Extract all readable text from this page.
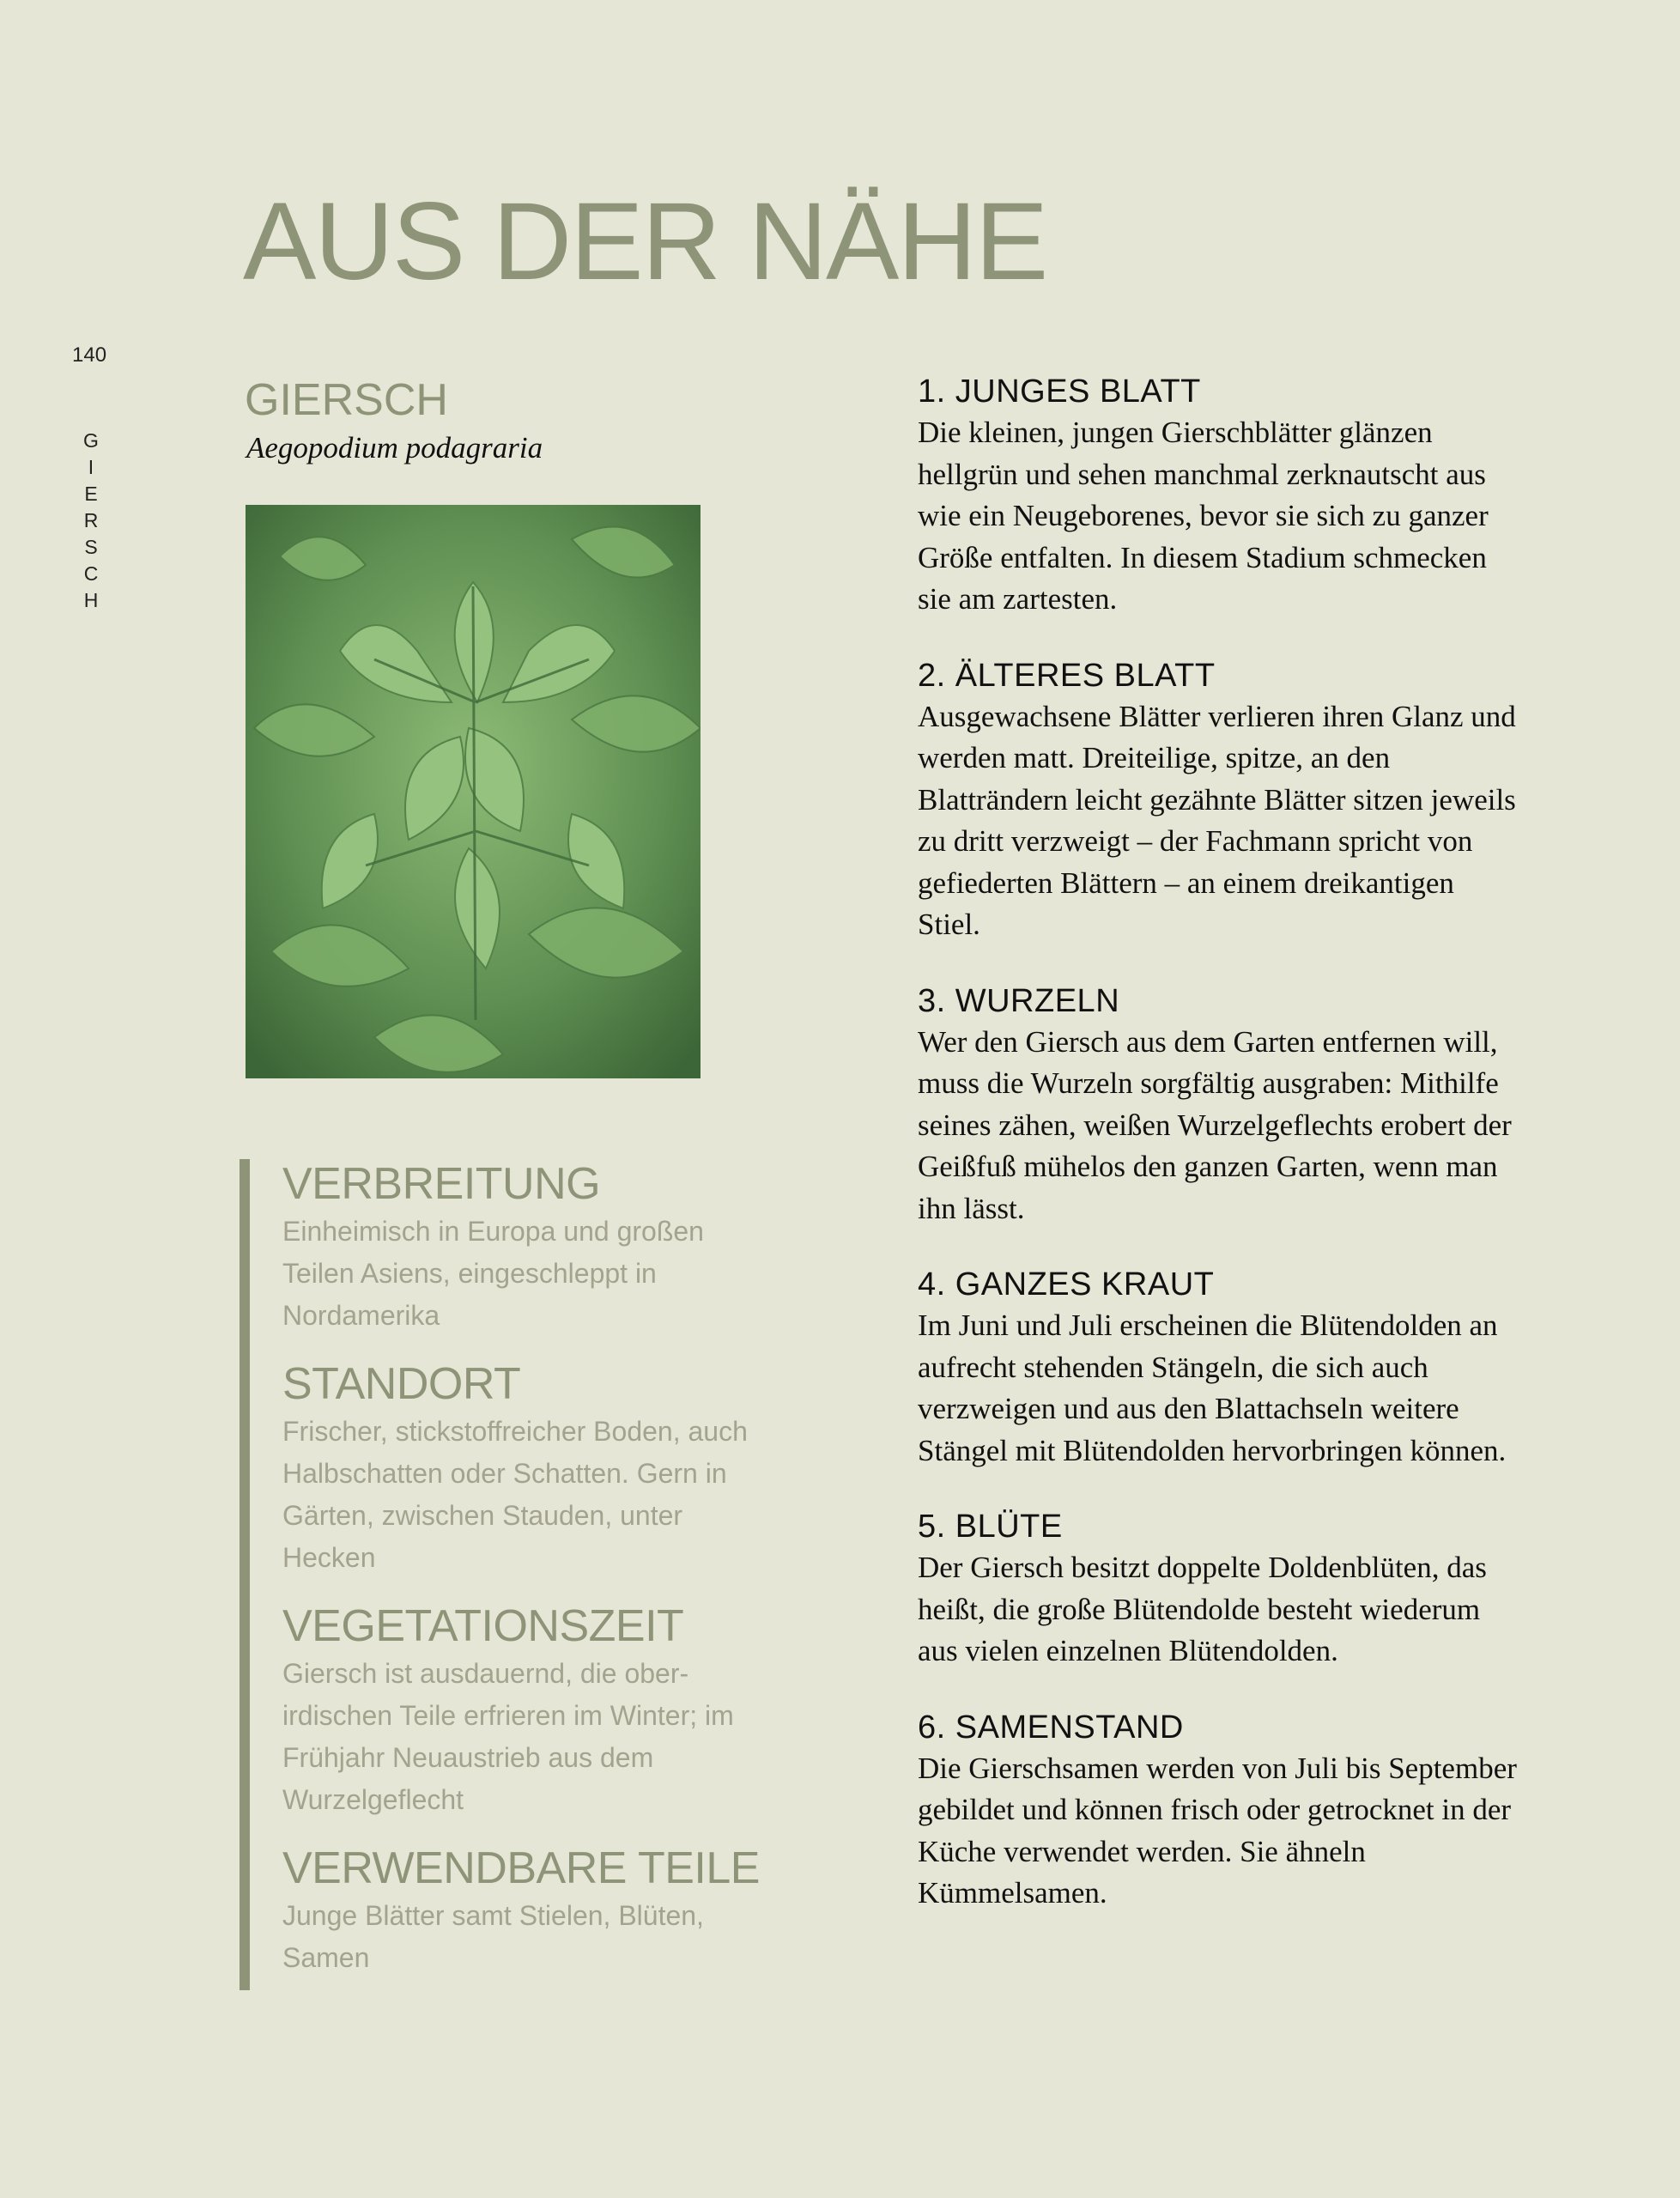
AUS DER NÄHE
140
G
I
E
R
S
C
H
GIERSCH
Aegopodium podagraria
VERBREITUNG

Einheimisch in Europa und großen Teilen Asiens, eingeschleppt in Nordamerika

STANDORT

Frischer, stickstoffreicher Boden, auch Halbschatten oder Schatten. Gern in Gärten, zwischen Stauden, unter Hecken

VEGETATIONSZEIT

Giersch ist ausdauernd, die oberirdischen Teile erfrieren im Winter; im Frühjahr Neuaustrieb aus dem Wurzelgeflecht

VERWENDBARE TEILE

Junge Blätter samt Stielen, Blüten, Samen

1. JUNGES BLATT

Die kleinen, jungen Gierschblätter glänzen hellgrün und sehen manchmal zerknautscht aus wie ein Neugeborenes, bevor sie sich zu ganzer Größe entfalten. In diesem Stadium schmecken sie am zartesten.

2. ÄLTERES BLATT

Ausgewachsene Blätter verlieren ihren Glanz und werden matt. Dreiteilige, spitze, an den Blatträndern leicht gezähnte Blätter sitzen jeweils zu dritt verzweigt – der Fachmann spricht von gefiederten Blättern – an einem dreikantigen Stiel.

3. WURZELN

Wer den Giersch aus dem Garten entfernen will, muss die Wurzeln sorgfältig ausgraben: Mithilfe seines zähen, weißen Wurzelgeflechts erobert der Geißfuß mühelos den ganzen Garten, wenn man ihn lässt.

4. GANZES KRAUT

Im Juni und Juli erscheinen die Blütendolden an aufrecht stehenden Stängeln, die sich auch verzweigen und aus den Blattachseln weitere Stängel mit Blütendolden hervorbringen können.

5. BLÜTE

Der Giersch besitzt doppelte Doldenblüten, das heißt, die große Blütendolde besteht wiederum aus vielen einzelnen Blütendolden.

6. SAMENSTAND

Die Gierschsamen werden von Juli bis September gebildet und können frisch oder getrocknet in der Küche verwendet werden. Sie ähneln Kümmelsamen.
